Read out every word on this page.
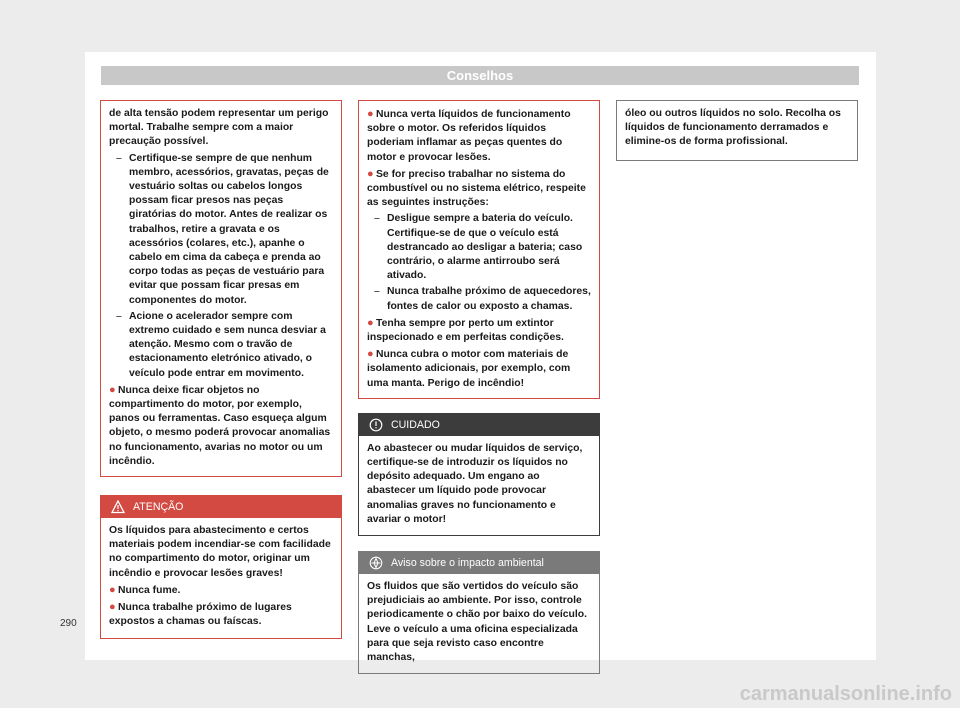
Conselhos

de alta tensão podem representar um perigo mortal. Trabalhe sempre com a maior precaução possível.

– Certifique-se sempre de que nenhum membro, acessórios, gravatas, peças de vestuário soltas ou cabelos longos possam ficar presos nas peças giratórias do motor. Antes de realizar os trabalhos, retire a gravata e os acessórios (colares, etc.), apanhe o cabelo em cima da cabeça e prenda ao corpo todas as peças de vestuário para evitar que possam ficar presas em componentes do motor.
– Acione o acelerador sempre com extremo cuidado e sem nunca desviar a atenção. Mesmo com o travão de estacionamento eletrónico ativado, o veículo pode entrar em movimento.
● Nunca deixe ficar objetos no compartimento do motor, por exemplo, panos ou ferramentas. Caso esqueça algum objeto, o mesmo poderá provocar anomalias no funcionamento, avarias no motor ou um incêndio.
ATENÇÃO

Os líquidos para abastecimento e certos materiais podem incendiar-se com facilidade no compartimento do motor, originar um incêndio e provocar lesões graves!

● Nunca fume.
● Nunca trabalhe próximo de lugares expostos a chamas ou faíscas.
● Nunca verta líquidos de funcionamento sobre o motor. Os referidos líquidos poderiam inflamar as peças quentes do motor e provocar lesões.
● Se for preciso trabalhar no sistema do combustível ou no sistema elétrico, respeite as seguintes instruções:
– Desligue sempre a bateria do veículo. Certifique-se de que o veículo está destrancado ao desligar a bateria; caso contrário, o alarme antirroubo será ativado.
– Nunca trabalhe próximo de aquecedores, fontes de calor ou exposto a chamas.
● Tenha sempre por perto um extintor inspecionado e em perfeitas condições.
● Nunca cubra o motor com materiais de isolamento adicionais, por exemplo, com uma manta. Perigo de incêndio!
CUIDADO

Ao abastecer ou mudar líquidos de serviço, certifique-se de introduzir os líquidos no depósito adequado. Um engano ao abastecer um líquido pode provocar anomalias graves no funcionamento e avariar o motor!

Aviso sobre o impacto ambiental

Os fluidos que são vertidos do veículo são prejudiciais ao ambiente. Por isso, controle periodicamente o chão por baixo do veículo. Leve o veículo a uma oficina especializada para que seja revisto caso encontre manchas,

óleo ou outros líquidos no solo. Recolha os líquidos de funcionamento derramados e elimine-os de forma profissional.

290
carmanualsonline.info
